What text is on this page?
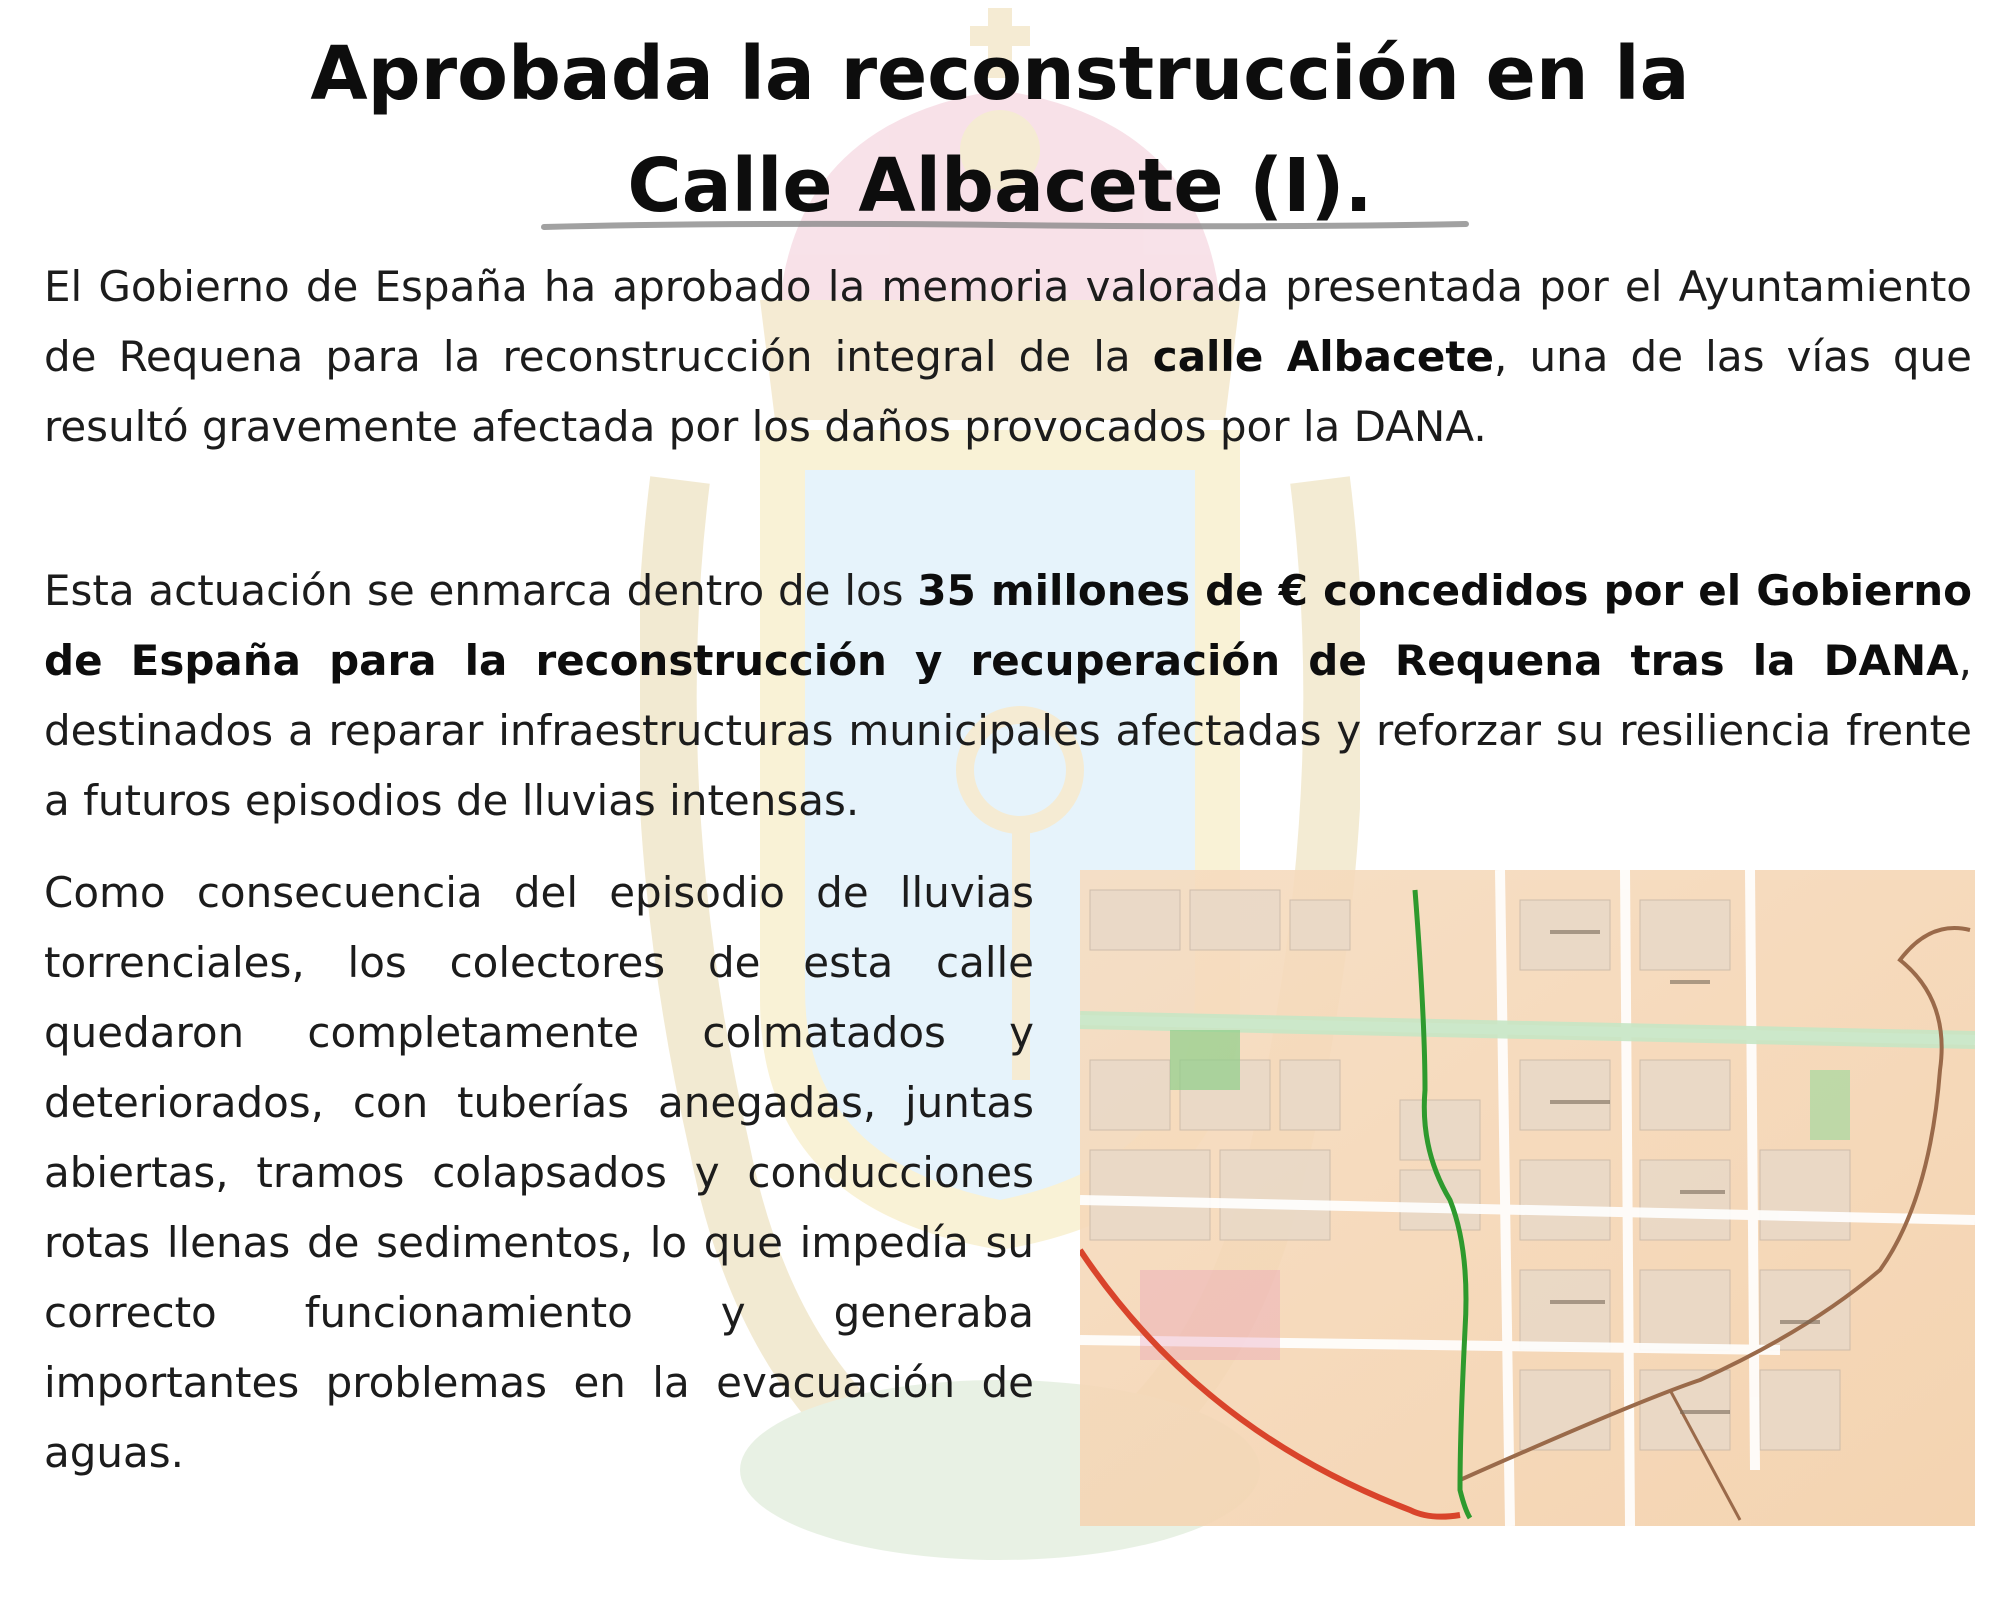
Aprobada la reconstrucción en la
Calle Albacete (I).

El Gobierno de España ha aprobado la memoria valorada presentada por el Ayuntamiento de Requena para la reconstrucción integral de la calle Albacete, una de las vías que resultó gravemente afectada por los daños provocados por la DANA.

Esta actuación se enmarca dentro de los 35 millones de € concedidos por el Gobierno de España para la reconstrucción y recuperación de Requena tras la DANA, destinados a reparar infraestructuras municipales afectadas y reforzar su resiliencia frente a futuros episodios de lluvias intensas.

Como consecuencia del episodio de lluvias torrenciales, los colectores de esta calle quedaron completamente colmatados y deteriorados, con tuberías anegadas, juntas abiertas, tramos colapsados y conducciones rotas llenas de sedimentos, lo que impedía su correcto funcionamiento y generaba importantes problemas en la evacuación de aguas.
